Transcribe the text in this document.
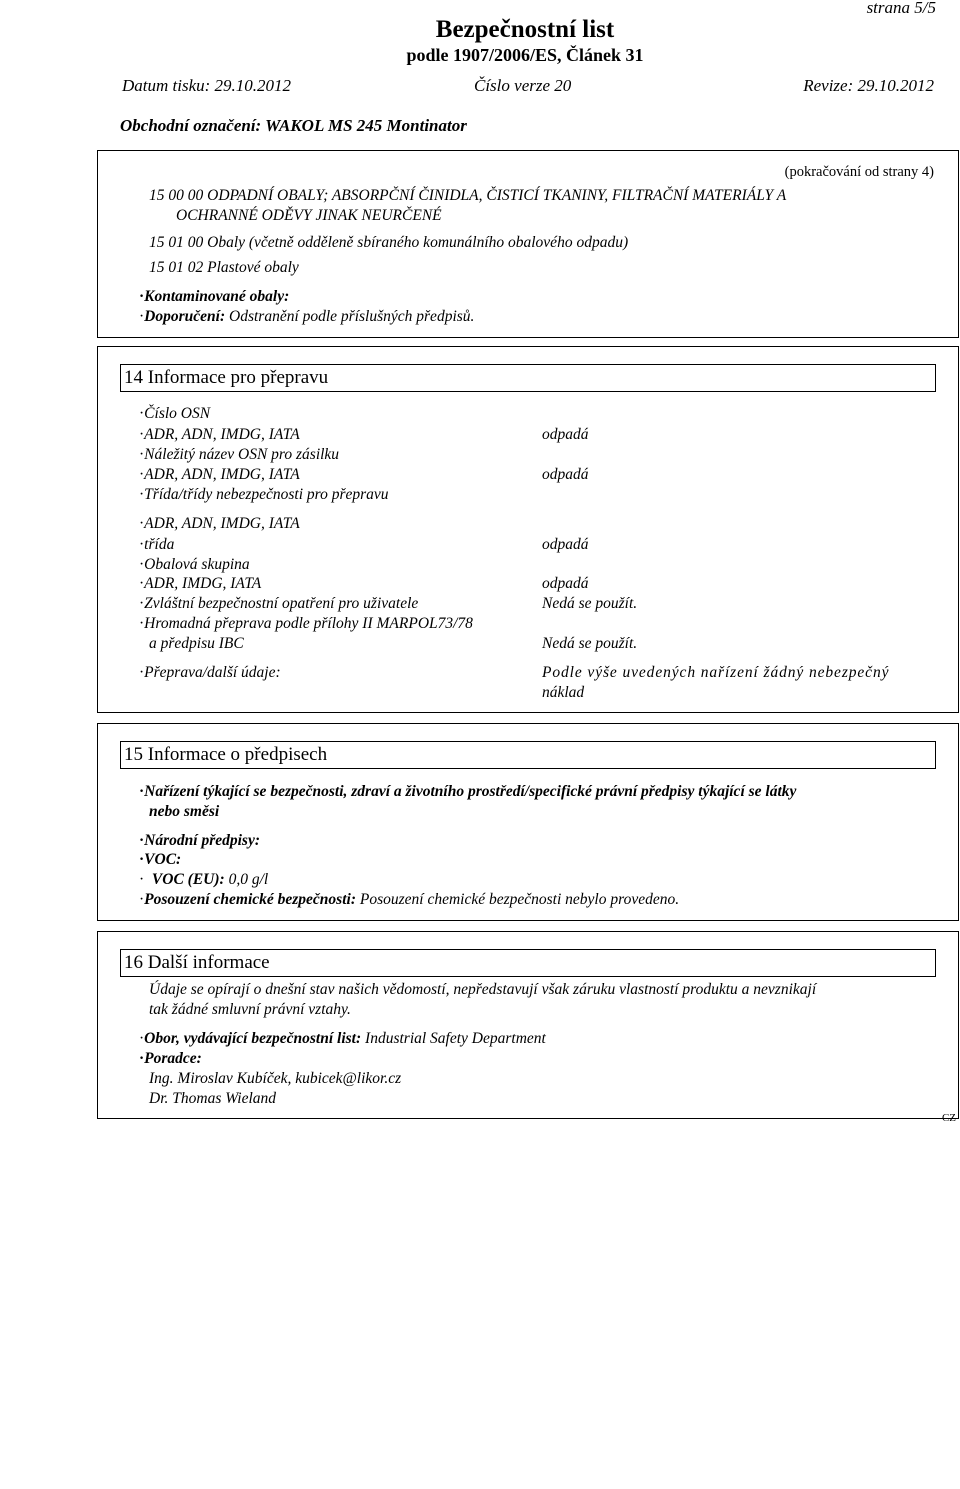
strana 5/5
Bezpečnostní list
podle 1907/2006/ES, Článek 31
Datum tisku: 29.10.2012	Číslo verze 20	Revize: 29.10.2012
Obchodní označení: WAKOL MS 245 Montinator
(pokračování od strany 4)
15 00 00 ODPADNÍ OBALY; ABSORPČNÍ ČINIDLA, ČISTICÍ TKANINY, FILTRAČNÍ MATERIÁLY A
OCHRANNÉ ODĚVY JINAK NEURČENÉ
15 01 00 Obaly (včetně odděleně sbíraného komunálního obalového odpadu)
15 01 02 Plastové obaly
· Kontaminované obaly:
· Doporučení: Odstranění podle příslušných předpisů.
14 Informace pro přepravu
· Číslo OSN
· ADR, ADN, IMDG, IATA	odpadá
· Náležitý název OSN pro zásilku
· ADR, ADN, IMDG, IATA	odpadá
· Třída/třídy nebezpečnosti pro přepravu
· ADR, ADN, IMDG, IATA
· třída	odpadá
· Obalová skupina
· ADR, IMDG, IATA	odpadá
· Zvláštní bezpečnostní opatření pro uživatele	Nedá se použít.
· Hromadná přeprava podle přílohy II MARPOL73/78
a předpisu IBC	Nedá se použít.
· Přeprava/další údaje:	Podle výše uvedených nařízení žádný nebezpečný
náklad
15 Informace o předpisech
· Nařízení týkající se bezpečnosti, zdraví a životního prostředí/specifické právní předpisy týkající se látky
nebo směsi
· Národní předpisy:
· VOC:
· VOC (EU): 0,0 g/l
· Posouzení chemické bezpečnosti: Posouzení chemické bezpečnosti nebylo provedeno.
16 Další informace
Údaje se opírají o dnešní stav našich vědomostí, nepředstavují však záruku vlastností produktu a nevznikají
tak žádné smluvní právní vztahy.
· Obor, vydávající bezpečnostní list: Industrial Safety Department
· Poradce:
Ing. Miroslav Kubíček, kubicek@likor.cz
Dr. Thomas Wieland
CZ
